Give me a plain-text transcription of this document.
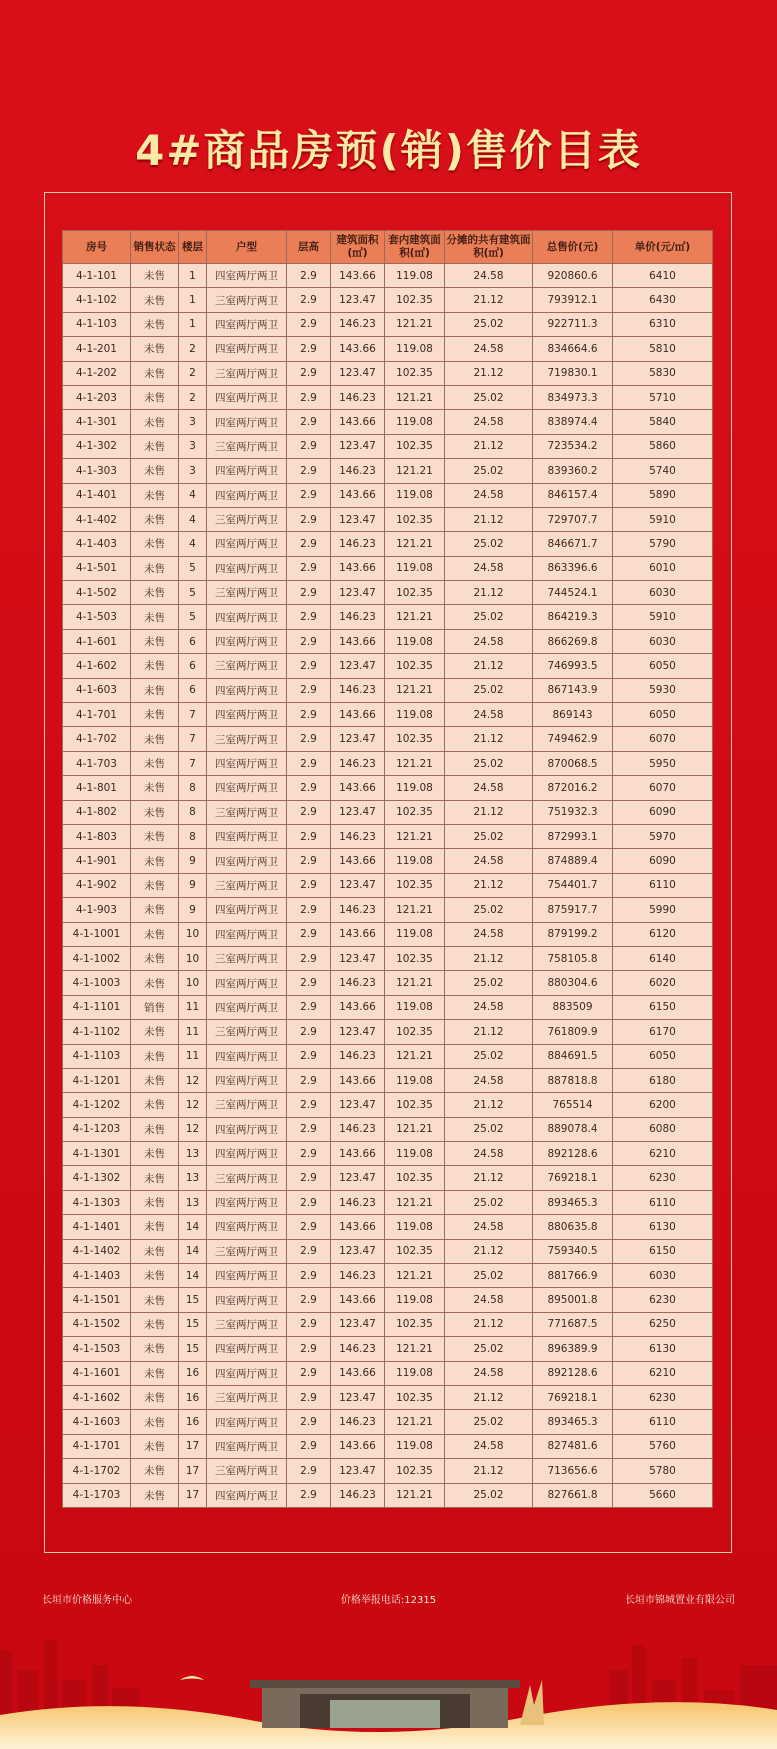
4#商品房预(销)售价目表
房号	销售状态	楼层	户型	层高	建筑面积(㎡)	套内建筑面积(㎡)	分摊的共有建筑面积(㎡)	总售价(元)	单价(元/㎡)
4-1-101	未售	1	四室两厅两卫	2.9	143.66	119.08	24.58	920860.6	6410
4-1-102	未售	1	三室两厅两卫	2.9	123.47	102.35	21.12	793912.1	6430
4-1-103	未售	1	四室两厅两卫	2.9	146.23	121.21	25.02	922711.3	6310
4-1-201	未售	2	四室两厅两卫	2.9	143.66	119.08	24.58	834664.6	5810
4-1-202	未售	2	三室两厅两卫	2.9	123.47	102.35	21.12	719830.1	5830
4-1-203	未售	2	四室两厅两卫	2.9	146.23	121.21	25.02	834973.3	5710
4-1-301	未售	3	四室两厅两卫	2.9	143.66	119.08	24.58	838974.4	5840
4-1-302	未售	3	三室两厅两卫	2.9	123.47	102.35	21.12	723534.2	5860
4-1-303	未售	3	四室两厅两卫	2.9	146.23	121.21	25.02	839360.2	5740
4-1-401	未售	4	四室两厅两卫	2.9	143.66	119.08	24.58	846157.4	5890
4-1-402	未售	4	三室两厅两卫	2.9	123.47	102.35	21.12	729707.7	5910
4-1-403	未售	4	四室两厅两卫	2.9	146.23	121.21	25.02	846671.7	5790
4-1-501	未售	5	四室两厅两卫	2.9	143.66	119.08	24.58	863396.6	6010
4-1-502	未售	5	三室两厅两卫	2.9	123.47	102.35	21.12	744524.1	6030
4-1-503	未售	5	四室两厅两卫	2.9	146.23	121.21	25.02	864219.3	5910
4-1-601	未售	6	四室两厅两卫	2.9	143.66	119.08	24.58	866269.8	6030
4-1-602	未售	6	三室两厅两卫	2.9	123.47	102.35	21.12	746993.5	6050
4-1-603	未售	6	四室两厅两卫	2.9	146.23	121.21	25.02	867143.9	5930
4-1-701	未售	7	四室两厅两卫	2.9	143.66	119.08	24.58	869143	6050
4-1-702	未售	7	三室两厅两卫	2.9	123.47	102.35	21.12	749462.9	6070
4-1-703	未售	7	四室两厅两卫	2.9	146.23	121.21	25.02	870068.5	5950
4-1-801	未售	8	四室两厅两卫	2.9	143.66	119.08	24.58	872016.2	6070
4-1-802	未售	8	三室两厅两卫	2.9	123.47	102.35	21.12	751932.3	6090
4-1-803	未售	8	四室两厅两卫	2.9	146.23	121.21	25.02	872993.1	5970
4-1-901	未售	9	四室两厅两卫	2.9	143.66	119.08	24.58	874889.4	6090
4-1-902	未售	9	三室两厅两卫	2.9	123.47	102.35	21.12	754401.7	6110
4-1-903	未售	9	四室两厅两卫	2.9	146.23	121.21	25.02	875917.7	5990
4-1-1001	未售	10	四室两厅两卫	2.9	143.66	119.08	24.58	879199.2	6120
4-1-1002	未售	10	三室两厅两卫	2.9	123.47	102.35	21.12	758105.8	6140
4-1-1003	未售	10	四室两厅两卫	2.9	146.23	121.21	25.02	880304.6	6020
4-1-1101	销售	11	四室两厅两卫	2.9	143.66	119.08	24.58	883509	6150
4-1-1102	未售	11	三室两厅两卫	2.9	123.47	102.35	21.12	761809.9	6170
4-1-1103	未售	11	四室两厅两卫	2.9	146.23	121.21	25.02	884691.5	6050
4-1-1201	未售	12	四室两厅两卫	2.9	143.66	119.08	24.58	887818.8	6180
4-1-1202	未售	12	三室两厅两卫	2.9	123.47	102.35	21.12	765514	6200
4-1-1203	未售	12	四室两厅两卫	2.9	146.23	121.21	25.02	889078.4	6080
4-1-1301	未售	13	四室两厅两卫	2.9	143.66	119.08	24.58	892128.6	6210
4-1-1302	未售	13	三室两厅两卫	2.9	123.47	102.35	21.12	769218.1	6230
4-1-1303	未售	13	四室两厅两卫	2.9	146.23	121.21	25.02	893465.3	6110
4-1-1401	未售	14	四室两厅两卫	2.9	143.66	119.08	24.58	880635.8	6130
4-1-1402	未售	14	三室两厅两卫	2.9	123.47	102.35	21.12	759340.5	6150
4-1-1403	未售	14	四室两厅两卫	2.9	146.23	121.21	25.02	881766.9	6030
4-1-1501	未售	15	四室两厅两卫	2.9	143.66	119.08	24.58	895001.8	6230
4-1-1502	未售	15	三室两厅两卫	2.9	123.47	102.35	21.12	771687.5	6250
4-1-1503	未售	15	四室两厅两卫	2.9	146.23	121.21	25.02	896389.9	6130
4-1-1601	未售	16	四室两厅两卫	2.9	143.66	119.08	24.58	892128.6	6210
4-1-1602	未售	16	三室两厅两卫	2.9	123.47	102.35	21.12	769218.1	6230
4-1-1603	未售	16	四室两厅两卫	2.9	146.23	121.21	25.02	893465.3	6110
4-1-1701	未售	17	四室两厅两卫	2.9	143.66	119.08	24.58	827481.6	5760
4-1-1702	未售	17	三室两厅两卫	2.9	123.47	102.35	21.12	713656.6	5780
4-1-1703	未售	17	四室两厅两卫	2.9	146.23	121.21	25.02	827661.8	5660
长垣市价格服务中心	价格举报电话:12315	长垣市锦城置业有限公司
